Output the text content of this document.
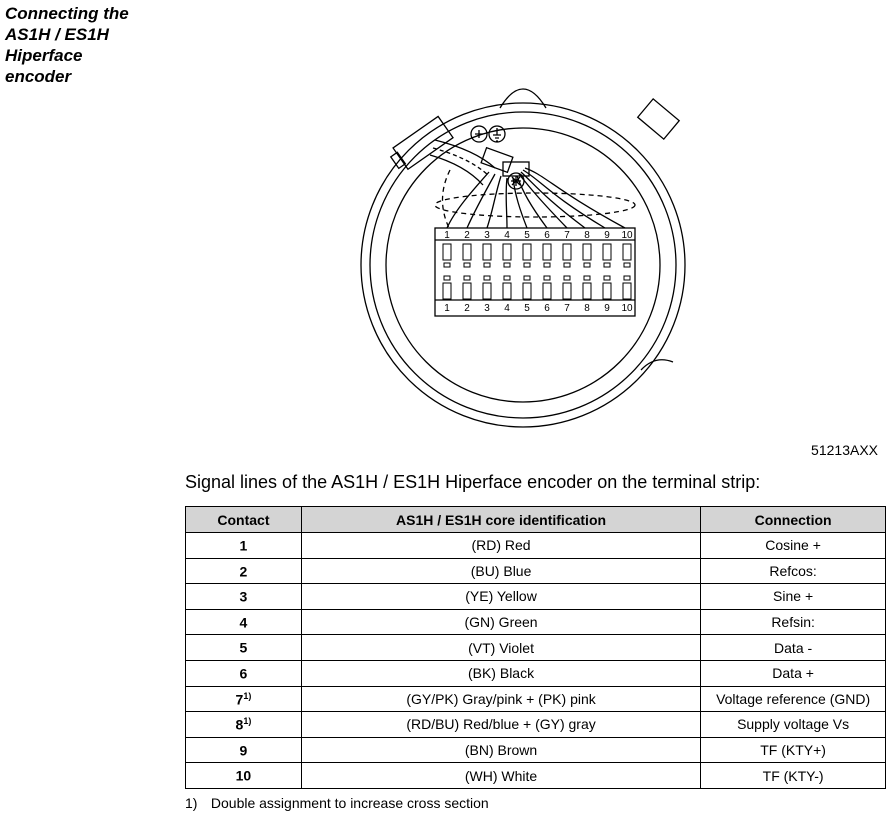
Connecting the
AS1H / ES1H
Hiperface
encoder
1 2 3 4 5 6 7 8 9 10
1 2 3 4 5 6 7 8 9 10
51213AXX
Signal lines of the AS1H / ES1H Hiperface encoder on the terminal strip:
Contact	AS1H / ES1H core identification	Connection
1	(RD) Red	Cosine +
2	(BU) Blue	Refcos:
3	(YE) Yellow	Sine +
4	(GN) Green	Refsin:
5	(VT) Violet	Data -
6	(BK) Black	Data +
$7^{1)}$	(GY/PK) Gray/pink + (PK) pink	Voltage reference (GND)
8$^{1)}$	(RD/BU) Red/blue + (GY) gray	Supply voltage Vs
9	(BN) Brown	TF (KTY+)
10	(WH) White	TF (KTY-)
1) Double assignment to increase cross section
